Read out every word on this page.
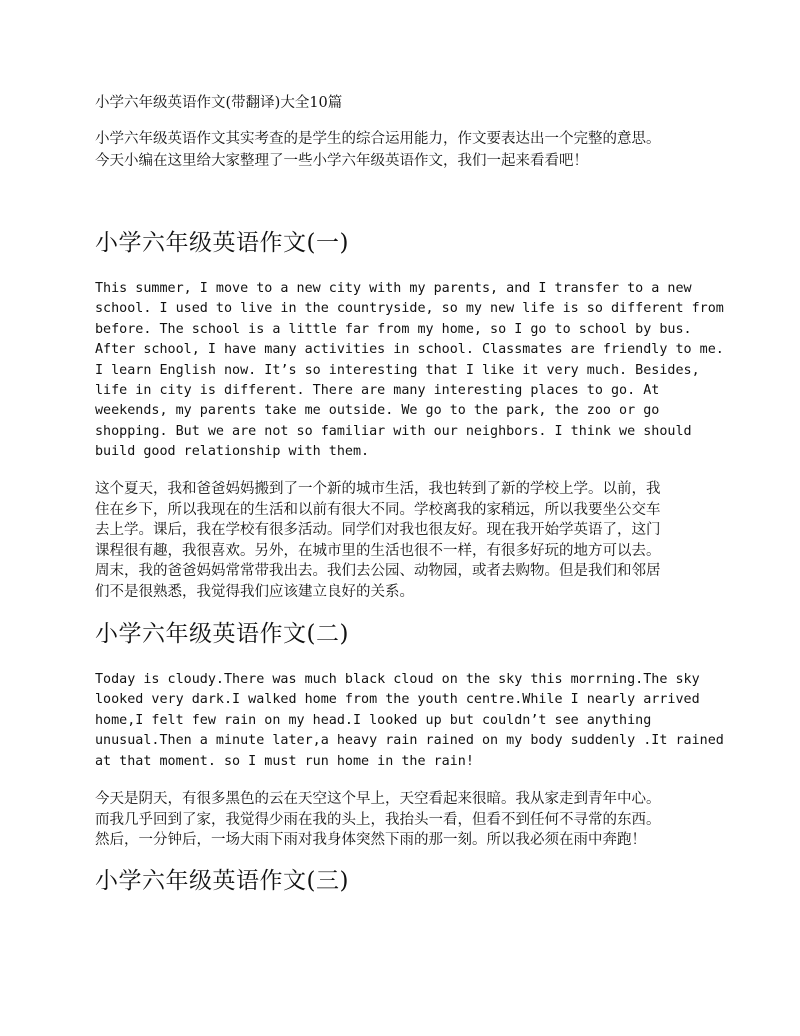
小学六年级英语作文(带翻译)大全10篇

小学六年级英语作文其实考查的是学生的综合运用能力，作文要表达出一个完整的意思。

今天小编在这里给大家整理了一些小学六年级英语作文，我们一起来看看吧！

小学六年级英语作文(一)
This summer, I move to a new city with my parents, and I transfer to a new
school. I used to live in the countryside, so my new life is so different from
before. The school is a little far from my home, so I go to school by bus.
After school, I have many activities in school. Classmates are friendly to me.
I learn English now. It’s so interesting that I like it very much. Besides,
life in city is different. There are many interesting places to go. At
weekends, my parents take me outside. We go to the park, the zoo or go
shopping. But we are not so familiar with our neighbors. I think we should
build good relationship with them.
这个夏天，我和爸爸妈妈搬到了一个新的城市生活，我也转到了新的学校上学。以前，我
住在乡下，所以我现在的生活和以前有很大不同。学校离我的家稍远，所以我要坐公交车
去上学。课后，我在学校有很多活动。同学们对我也很友好。现在我开始学英语了，这门
课程很有趣，我很喜欢。另外，在城市里的生活也很不一样，有很多好玩的地方可以去。
周末，我的爸爸妈妈常常带我出去。我们去公园、动物园，或者去购物。但是我们和邻居
们不是很熟悉，我觉得我们应该建立良好的关系。
小学六年级英语作文(二)
Today is cloudy.There was much black cloud on the sky this morrning.The sky
looked very dark.I walked home from the youth centre.While I nearly arrived
home,I felt few rain on my head.I looked up but couldn’t see anything
unusual.Then a minute later,a heavy rain rained on my body suddenly .It rained
at that moment. so I must run home in the rain!
今天是阴天，有很多黑色的云在天空这个早上，天空看起来很暗。我从家走到青年中心。
而我几乎回到了家，我觉得少雨在我的头上，我抬头一看，但看不到任何不寻常的东西。
然后，一分钟后，一场大雨下雨对我身体突然下雨的那一刻。所以我必须在雨中奔跑！
小学六年级英语作文(三)
